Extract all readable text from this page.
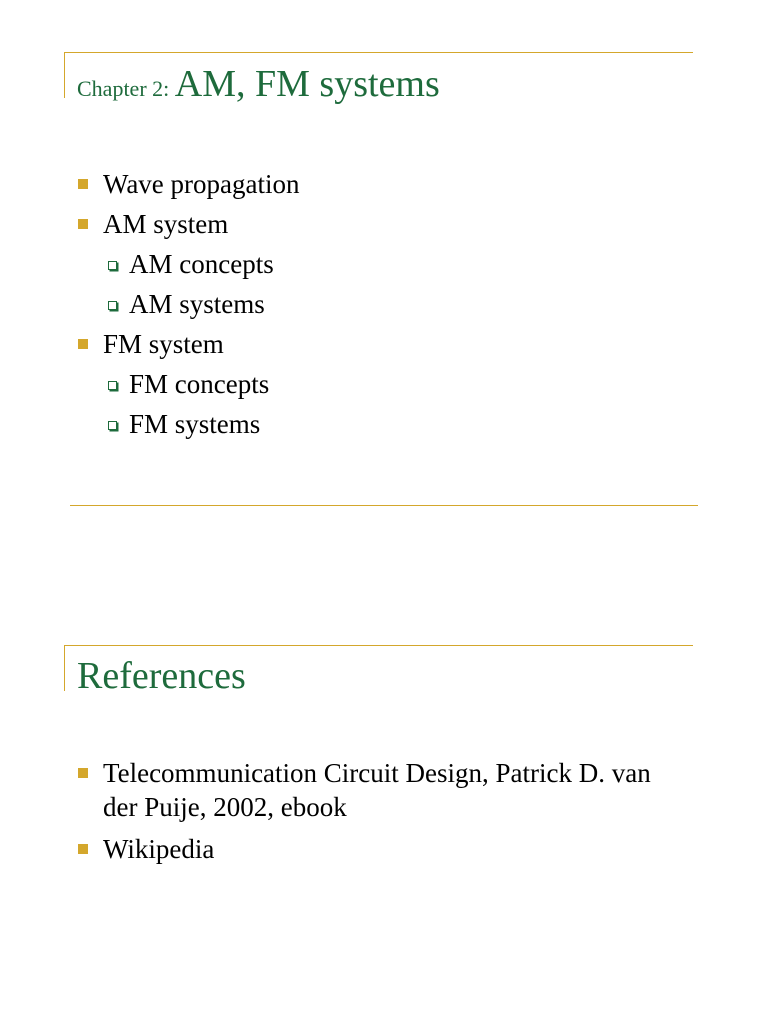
Chapter 2: AM, FM systems
Wave propagation
AM system
AM concepts
AM systems
FM system
FM concepts
FM systems
References
Telecommunication Circuit Design, Patrick D. van der Puije, 2002, ebook
Wikipedia
